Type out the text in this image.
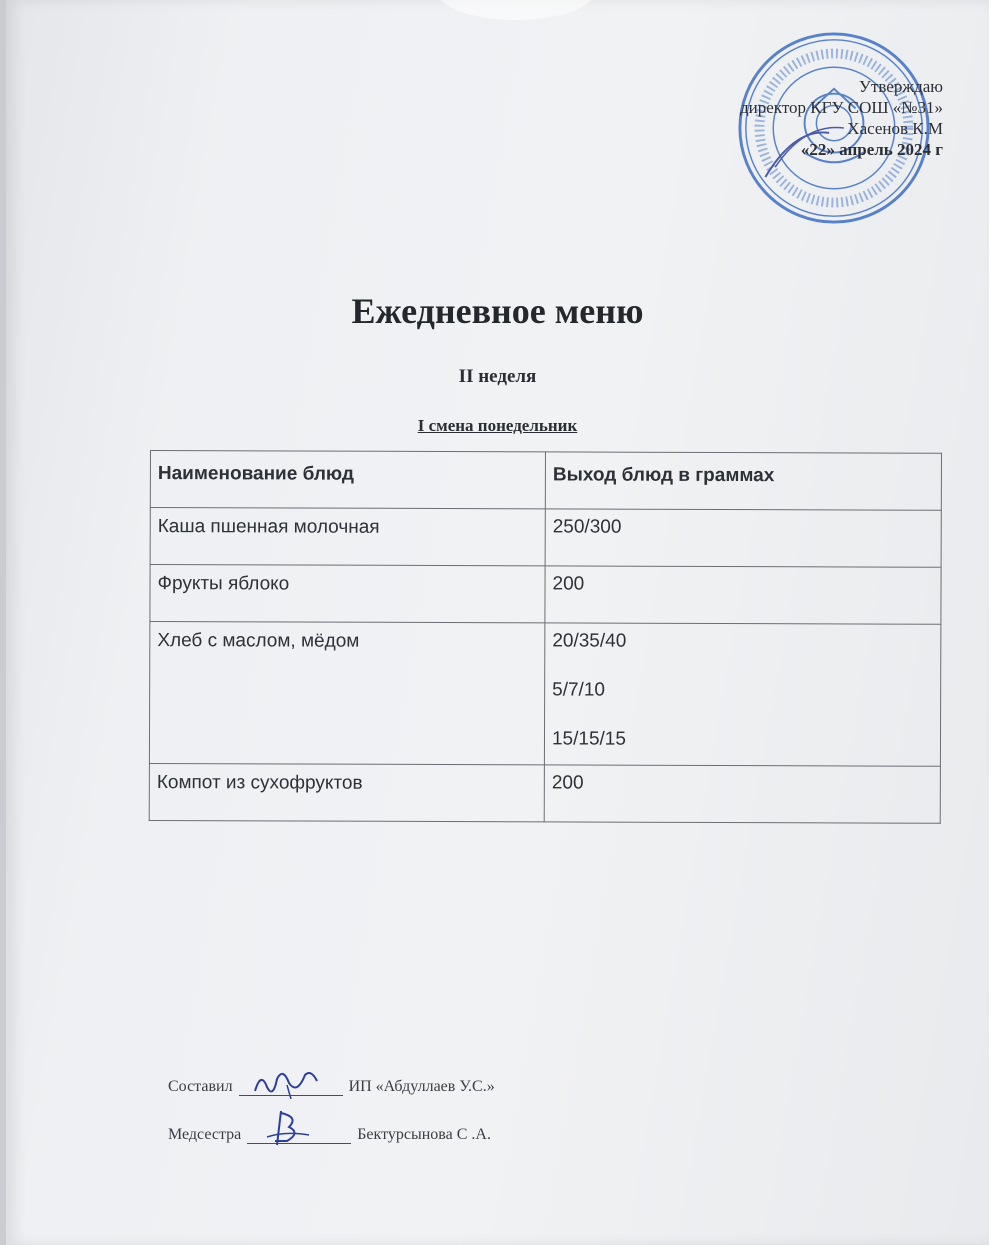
Утверждаю
директор КГУ СОШ «№31»
Хасенов К.М
«22» апрель 2024 г
Ежедневное меню
II неделя
I смена понедельник
Наименование блюд	Выход блюд в граммах
Каша пшенная молочная	250/300

Фрукты яблоко	200

Хлеб с маслом, мёдом	20/35/40
5/7/10
15/15/15

Компот из сухофруктов	200
Составил	ИП «Абдуллаев У.С.»
Медсестра	Бектурсынова С .А.
